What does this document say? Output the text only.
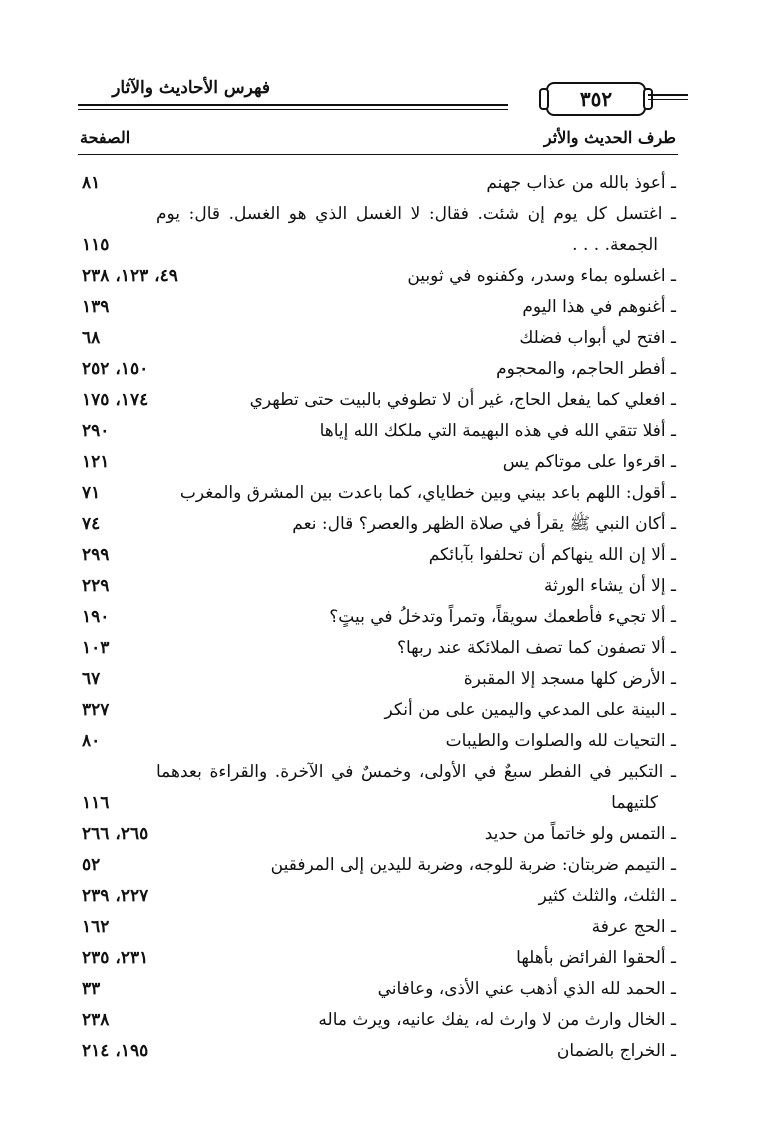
فهرس الأحاديث والآثار	٣٥٢
طرف الحديث والأثر
الصفحة
ـ أعوذ بالله من عذاب جهنم
٨١
ـ اغتسل كل يوم إن شئت. فقال: لا الغسل الذي هو الغسل. قال: يوم
الجمعة. . . .
١١٥
ـ اغسلوه بماء وسدر، وكفنوه في ثوبين
٤٩، ١٢٣، ٢٣٨
ـ أغنوهم في هذا اليوم
١٣٩
ـ افتح لي أبواب فضلك
٦٨
ـ أفطر الحاجم، والمحجوم
١٥٠، ٢٥٢
ـ افعلي كما يفعل الحاج، غير أن لا تطوفي بالبيت حتى تطهري
١٧٤، ١٧٥
ـ أفلا تتقي الله في هذه البهيمة التي ملكك الله إياها
٢٩٠
ـ اقرءوا على موتاكم يس
١٢١
ـ أقول: اللهم باعد بيني وبين خطاياي، كما باعدت بين المشرق والمغرب
٧١
ـ أكان النبي ﷺ يقرأ في صلاة الظهر والعصر؟ قال: نعم
٧٤
ـ ألا إن الله ينهاكم أن تحلفوا بآبائكم
٢٩٩
ـ إلا أن يشاء الورثة
٢٢٩
ـ ألا تجيء فأطعمك سويقاً، وتمراً وتدخلُ في بيتٍ؟
١٩٠
ـ ألا تصفون كما تصف الملائكة عند ربها؟
١٠٣
ـ الأرض كلها مسجد إلا المقبرة
٦٧
ـ البينة على المدعي واليمين على من أنكر
٣٢٧
ـ التحيات لله والصلوات والطيبات
٨٠
ـ التكبير في الفطر سبعٌ في الأولى، وخمسٌ في الآخرة. والقراءة بعدهما
كلتيهما
١١٦
ـ التمس ولو خاتماً من حديد
٢٦٥، ٢٦٦
ـ التيمم ضربتان: ضربة للوجه، وضربة لليدين إلى المرفقين
٥٢
ـ الثلث، والثلث كثير
٢٢٧، ٢٣٩
ـ الحج عرفة
١٦٢
ـ ألحقوا الفرائض بأهلها
٢٣١، ٢٣٥
ـ الحمد لله الذي أذهب عني الأذى، وعافاني
٣٣
ـ الخال وارث من لا وارث له، يفك عانيه، ويرث ماله
٢٣٨
ـ الخراج بالضمان
١٩٥، ٢١٤
